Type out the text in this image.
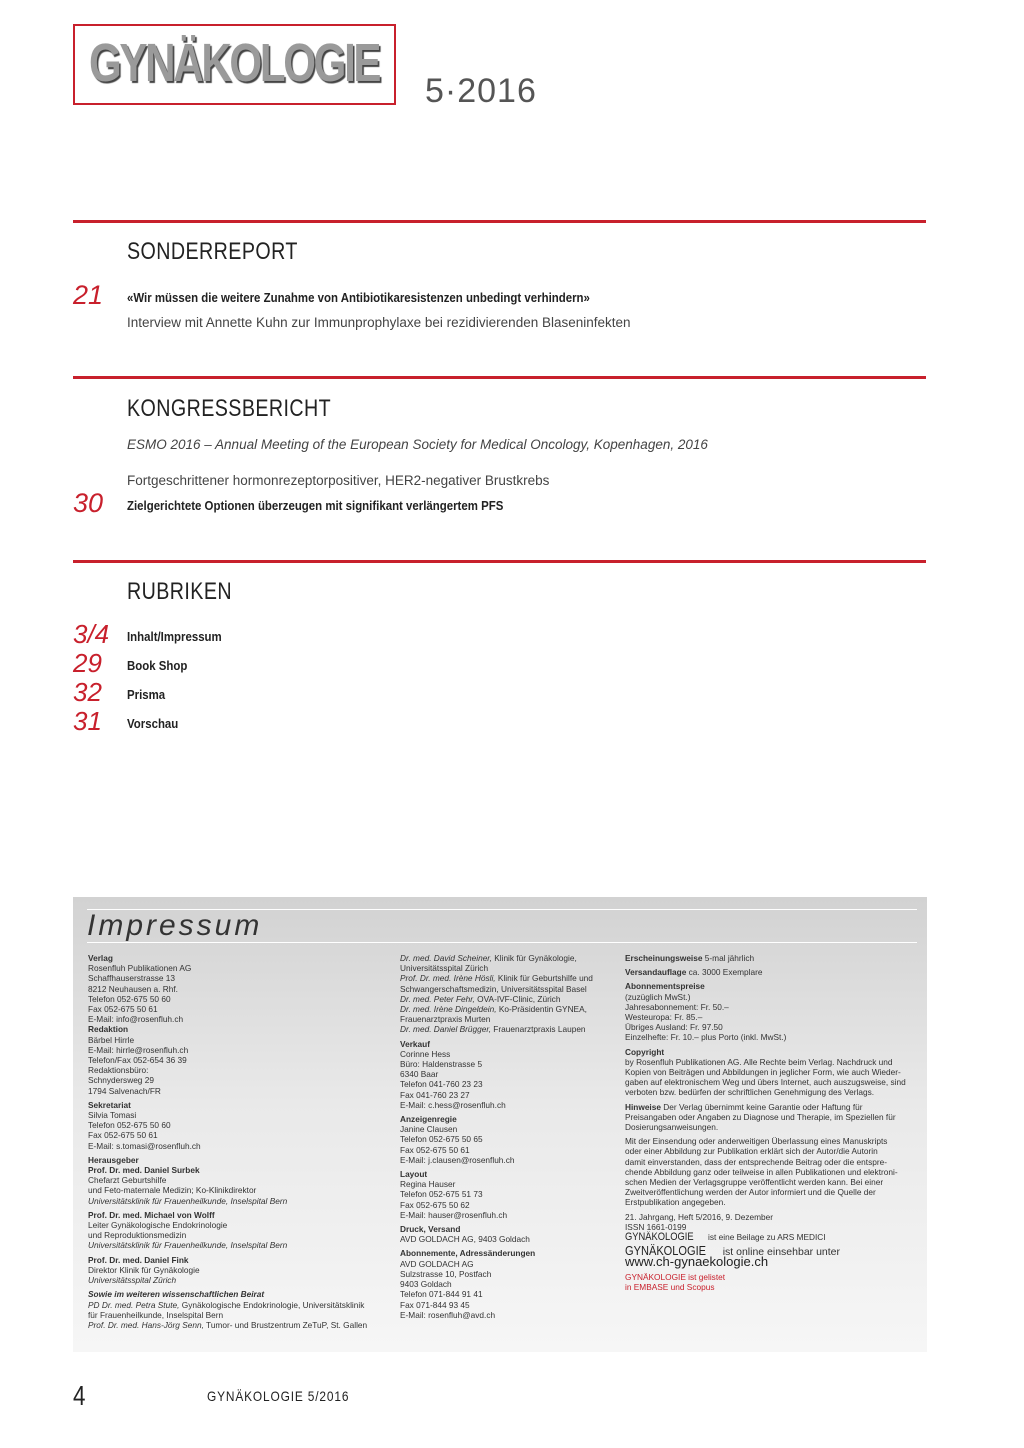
GYNÄKOLOGIE 5·2016
SONDERREPORT
21 «Wir müssen die weitere Zunahme von Antibiotikaresistenzen unbedingt verhindern»
Interview mit Annette Kuhn zur Immunprophylaxe bei rezidivierenden Blaseninfekten
KONGRESSBERICHT
ESMO 2016 – Annual Meeting of the European Society for Medical Oncology, Kopenhagen, 2016
Fortgeschrittener hormonrezeptorpositiver, HER2-negativer Brustkrebs
30 Zielgerichtete Optionen überzeugen mit signifikant verlängertem PFS
RUBRIKEN
3/4 Inhalt/Impressum
29 Book Shop
32 Prisma
31 Vorschau
Impressum
Verlag
Rosenfluh Publikationen AG
Schaffhauserstrasse 13
8212 Neuhausen a. Rhf.
Telefon 052-675 50 60
Fax 052-675 50 61
E-Mail: info@rosenfluh.ch
Redaktion
Bärbel Hirrle
E-Mail: hirrle@rosenfluh.ch
Telefon/Fax 052-654 36 39
Redaktionsbüro:
Schnydersweg 29
1794 Salvenach/FR
Sekretariat
Silvia Tomasi
Telefon 052-675 50 60
Fax 052-675 50 61
E-Mail: s.tomasi@rosenfluh.ch
Herausgeber
Prof. Dr. med. Daniel Surbek
Chefarzt Geburtshilfe
und Feto-maternale Medizin; Ko-Klinikdirektor
Universitätsklinik für Frauenheilkunde, Inselspital Bern
Prof. Dr. med. Michael von Wolff
Leiter Gynäkologische Endokrinologie
und Reproduktionsmedizin
Universitätsklinik für Frauenheilkunde, Inselspital Bern
Prof. Dr. med. Daniel Fink
Direktor Klinik für Gynäkologie
Universitätsspital Zürich
Sowie im weiteren wissenschaftlichen Beirat
PD Dr. med. Petra Stute, Gynäkologische Endokrinologie, Universitätsklinik
für Frauenheilkunde, Inselspital Bern
Prof. Dr. med. Hans-Jörg Senn, Tumor- und Brustzentrum ZeTuP, St. Gallen
Dr. med. David Scheiner, Klinik für Gynäkologie,
Universitätsspital Zürich
Prof. Dr. med. Irène Hösli, Klinik für Geburtshilfe und
Schwangerschaftsmedizin, Universitätsspital Basel
Dr. med. Peter Fehr, OVA-IVF-Clinic, Zürich
Dr. med. Irène Dingeldein, Ko-Präsidentin GYNEA,
Frauenarztpraxis Murten
Dr. med. Daniel Brügger, Frauenarztpraxis Laupen
Verkauf
Corinne Hess
Büro: Haldenstrasse 5
6340 Baar
Telefon 041-760 23 23
Fax 041-760 23 27
E-Mail: c.hess@rosenfluh.ch
Anzeigenregie
Janine Clausen
Telefon 052-675 50 65
Fax 052-675 50 61
E-Mail: j.clausen@rosenfluh.ch
Layout
Regina Hauser
Telefon 052-675 51 73
Fax 052-675 50 62
E-Mail: hauser@rosenfluh.ch
Druck, Versand
AVD GOLDACH AG, 9403 Goldach
Abonnemente, Adressänderungen
AVD GOLDACH AG
Sulzstrasse 10, Postfach
9403 Goldach
Telefon 071-844 91 41
Fax 071-844 93 45
E-Mail: rosenfluh@avd.ch
Erscheinungsweise 5-mal jährlich
Versandauflage ca. 3000 Exemplare
Abonnementspreise
(zuzüglich MwSt.)
Jahresabonnement: Fr. 50.–
Westeuropa: Fr. 85.–
Übriges Ausland: Fr. 97.50
Einzelhefte: Fr. 10.– plus Porto (inkl. MwSt.)
Copyright
by Rosenfluh Publikationen AG. Alle Rechte beim Verlag. Nachdruck und
Kopien von Beiträgen und Abbildungen in jeglicher Form, wie auch Wieder-
gaben auf elektronischem Weg und übers Internet, auch auszugsweise, sind
verboten bzw. bedürfen der schriftlichen Genehmigung des Verlags.
Hinweise Der Verlag übernimmt keine Garantie oder Haftung für
Preisangaben oder Angaben zu Diagnose und Therapie, im Speziellen für
Dosierungsanweisungen.
Mit der Einsendung oder anderweitigen Überlassung eines Manuskripts
oder einer Abbildung zur Publikation erklärt sich der Autor/die Autorin
damit einverstanden, dass der entsprechende Beitrag oder die entspre-
chende Abbildung ganz oder teilweise in allen Publikationen und elektroni-
schen Medien der Verlagsgruppe veröffentlicht werden kann. Bei einer
Zweitveröffentlichung werden der Autor informiert und die Quelle der
Erstpublikation angegeben.
21. Jahrgang, Heft 5/2016, 9. Dezember
ISSN 1661-0199
GYNÄKOLOGIE ist eine Beilage zu ARS MEDICI
GYNÄKOLOGIE ist online einsehbar unter
www.ch-gynaekologie.ch
GYNÄKOLOGIE ist gelistet
in EMBASE und Scopus
4	GYNÄKOLOGIE 5/2016
